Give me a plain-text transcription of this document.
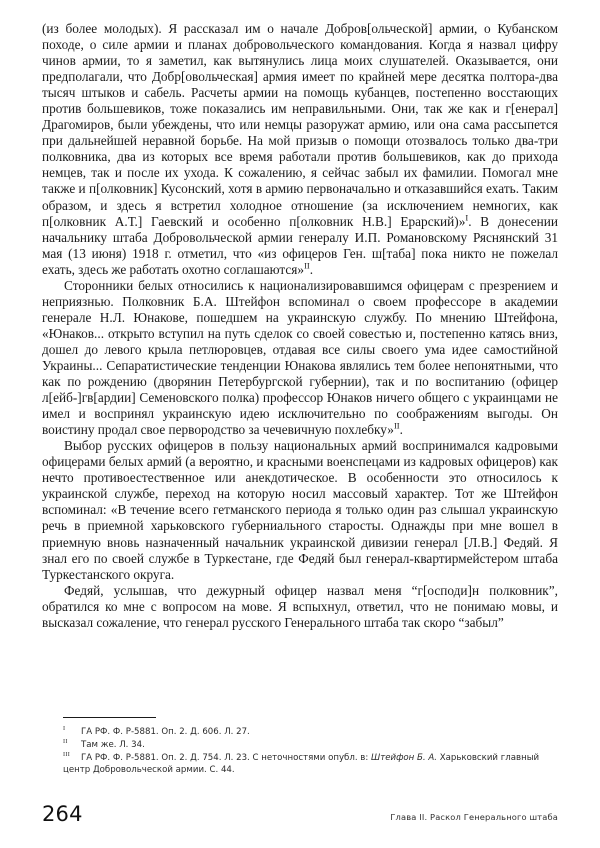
(из более молодых). Я рассказал им о начале Добров[ольческой] армии, о Кубанском походе, о силе армии и планах добровольческого командования. Когда я назвал цифру чинов армии, то я заметил, как вытянулись лица моих слушателей. Оказывается, они предполагали, что Добр[овольческая] армия имеет по крайней мере десятка полтора-два тысяч штыков и сабель. Расчеты армии на помощь кубанцев, постепенно восстающих против большевиков, тоже показались им неправильными. Они, так же как и г[енерал] Драгомиров, были убеждены, что или немцы разоружат армию, или она сама рассыпется при дальнейшей неравной борьбе. На мой призыв о помощи отозвалось только два-три полковника, два из которых все время работали против большевиков, как до прихода немцев, так и после их ухода. К сожалению, я сейчас забыл их фамилии. Помогал мне также и п[олковник] Кусонский, хотя в армию первоначально и отказавшийся ехать. Таким образом, и здесь я встретил холодное отношение (за исключением немногих, как п[олковник А.Т.] Гаевский и особенно п[олковник Н.В.] Ерарский)»$^I$. В донесении начальнику штаба Добровольческой армии генералу И.П. Романовскому Ряснянский 31 мая (13 июня) 1918 г. отметил, что «из офицеров Ген. ш[таба] пока никто не пожелал ехать, здесь же работать охотно соглашаются»$^{II}$.

Сторонники белых относились к национализировавшимся офицерам с презрением и неприязнью. Полковник Б.А. Штейфон вспоминал о своем профессоре в академии генерале Н.Л. Юнакове, пошедшем на украинскую службу. По мнению Штейфона, «Юнаков... открыто вступил на путь сделок со своей совестью и, постепенно катясь вниз, дошел до левого крыла петлюровцев, отдавая все силы своего ума идее самостийной Украины... Сепаратистические тенденции Юнакова являлись тем более непонятными, что как по рождению (дворянин Петербургской губернии), так и по воспитанию (офицер л[ейб-]гв[ардии] Семеновского полка) профессор Юнаков ничего общего с украинцами не имел и воспринял украинскую идею исключительно по соображениям выгоды. Он воистину продал свое первородство за чечевичную похлебку»$^{II}$.

Выбор русских офицеров в пользу национальных армий воспринимался кадровыми офицерами белых армий (а вероятно, и красными военспецами из кадровых офицеров) как нечто противоестественное или анекдотическое. В особенности это относилось к украинской службе, переход на которую носил массовый характер. Тот же Штейфон вспоминал: «В течение всего гетманского периода я только один раз слышал украинскую речь в приемной харьковского губерниального старосты. Однажды при мне вошел в приемную вновь назначенный начальник украинской дивизии генерал [Л.В.] Федяй. Я знал его по своей службе в Туркестане, где Федяй был генерал-квартирмейстером штаба Туркестанского округа.

Федяй, услышав, что дежурный офицер назвал меня “г[осподи]н полковник”, обратился ко мне с вопросом на мове. Я вспыхнул, ответил, что не понимаю мовы, и высказал сожаление, что генерал русского Генерального штаба так скоро “забыл”

I ГА РФ. Ф. Р-5881. Оп. 2. Д. 606. Л. 27.
II Там же. Л. 34.
III ГА РФ. Ф. Р-5881. Оп. 2. Д. 754. Л. 23. С неточностями опубл. в: Штейфон Б. А. Харьковский главный центр Добровольческой армии. С. 44.
264	Глава II. Раскол Генерального штаба
